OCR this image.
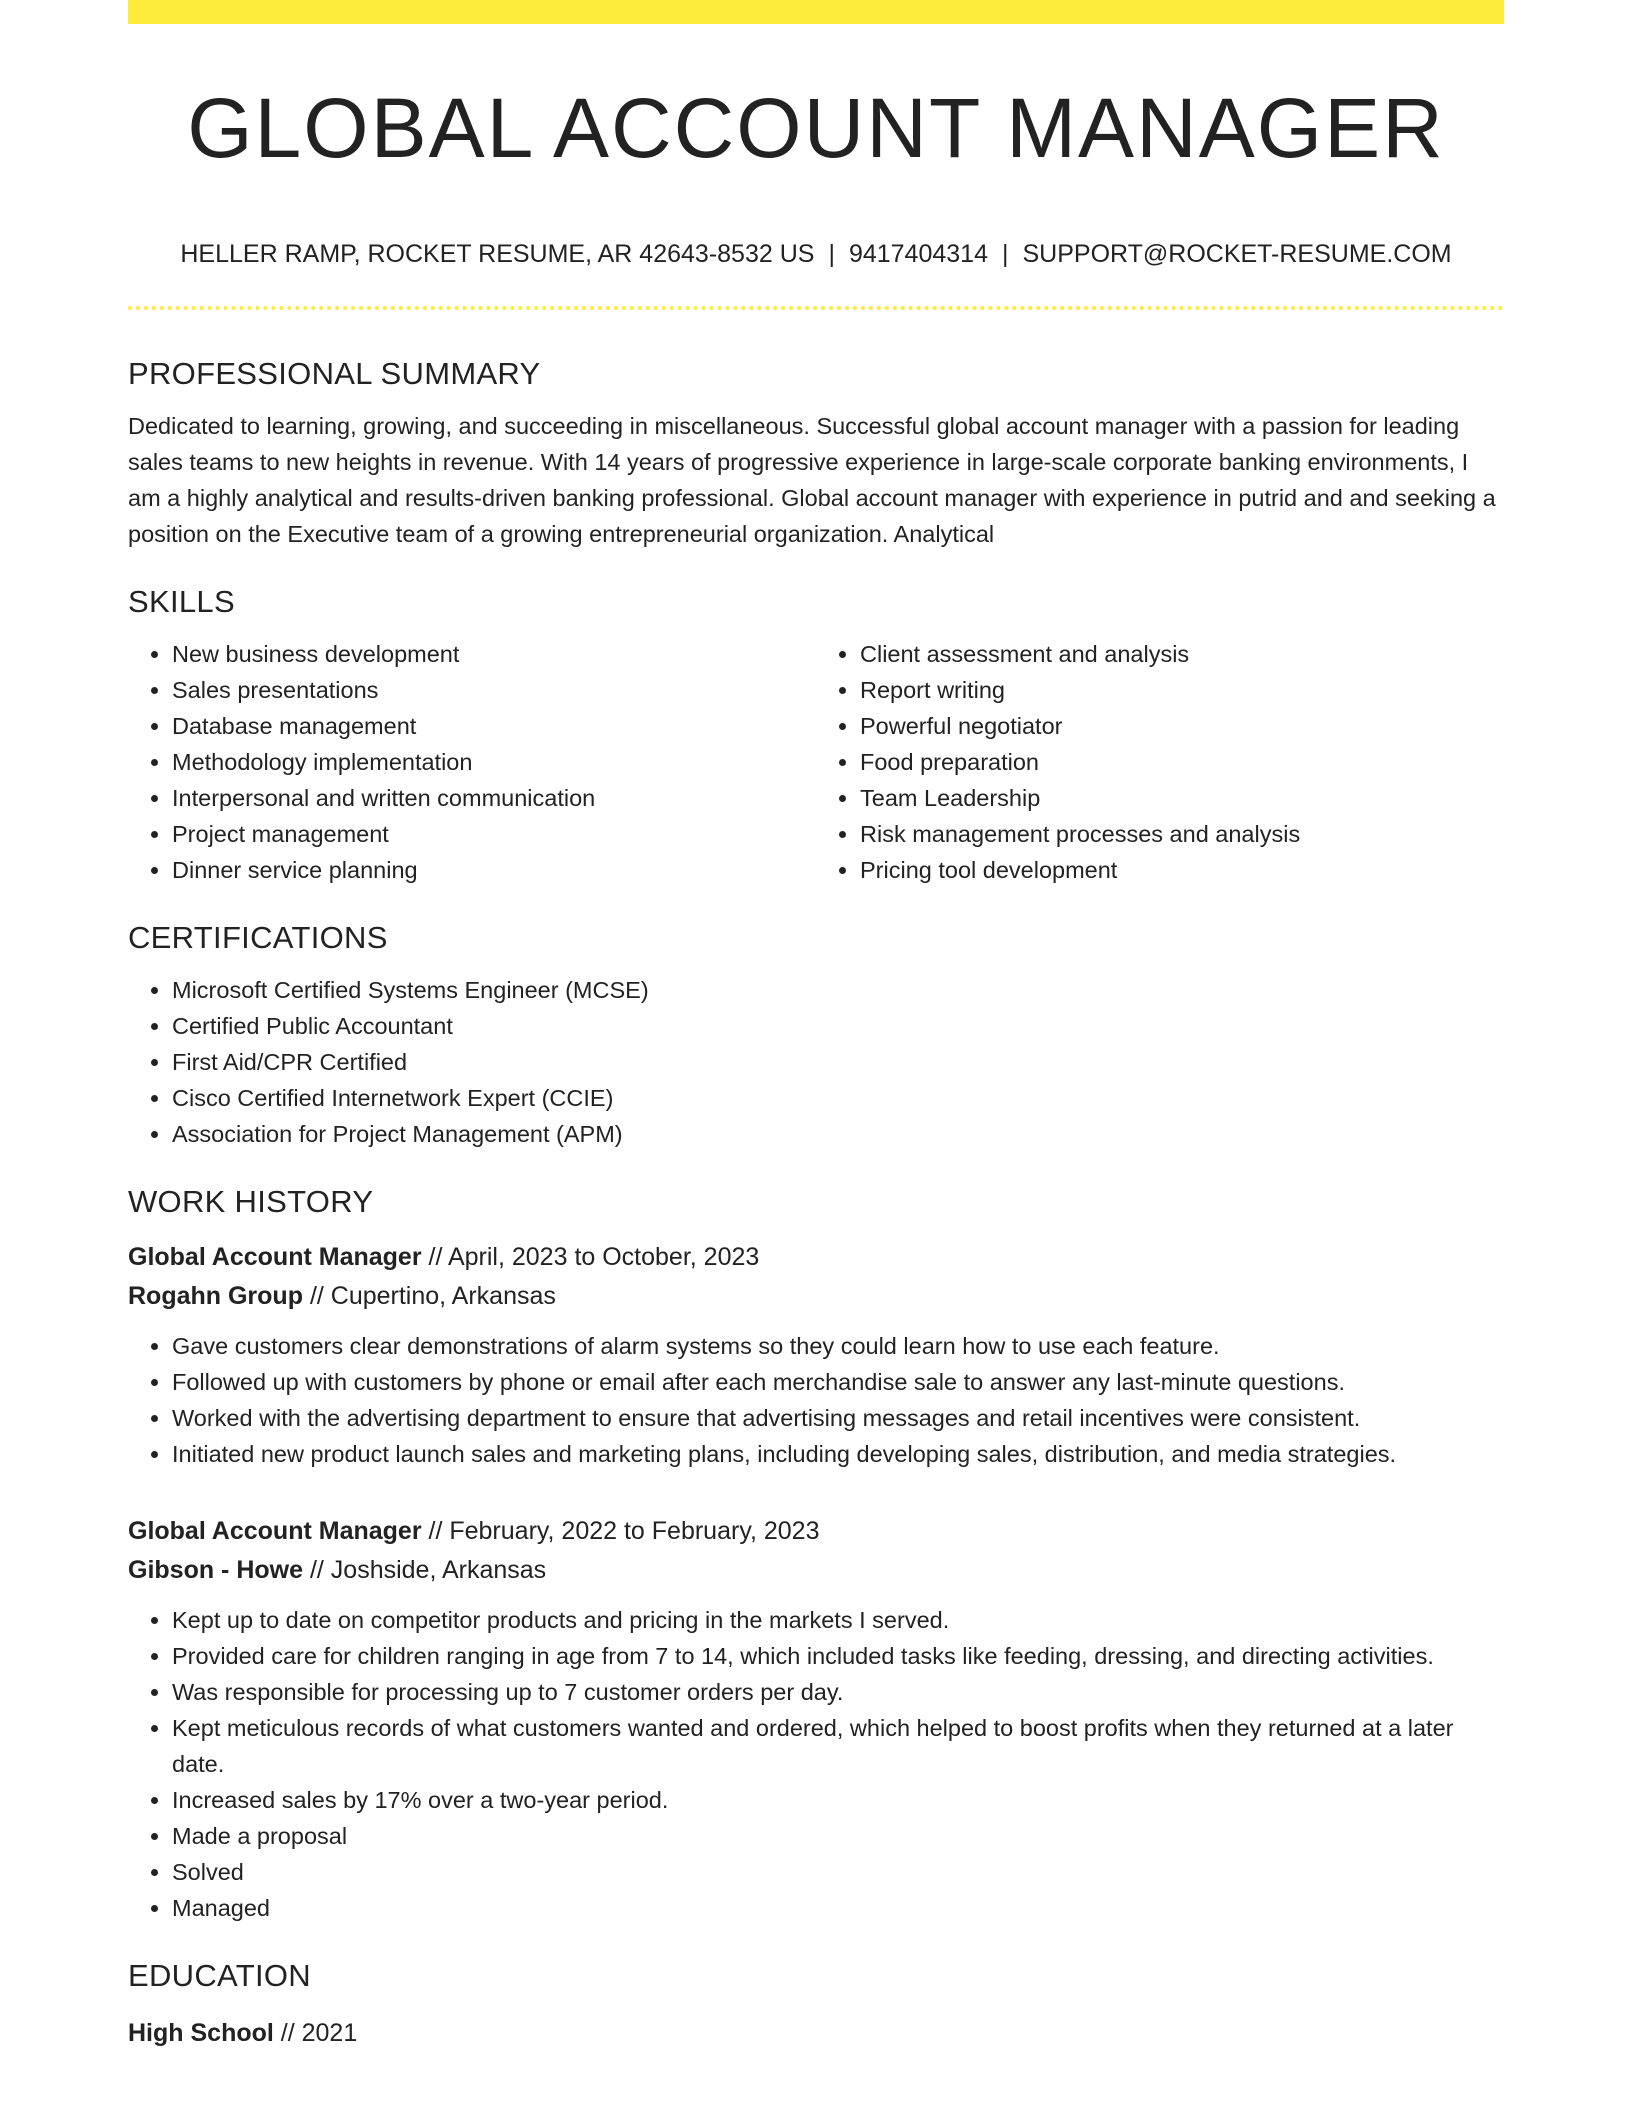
GLOBAL ACCOUNT MANAGER
HELLER RAMP, ROCKET RESUME, AR 42643-8532 US | 9417404314 | SUPPORT@ROCKET-RESUME.COM
PROFESSIONAL SUMMARY

Dedicated to learning, growing, and succeeding in miscellaneous. Successful global account manager with a passion for leading sales teams to new heights in revenue. With 14 years of progressive experience in large-scale corporate banking environments, I am a highly analytical and results-driven banking professional. Global account manager with experience in putrid and and seeking a position on the Executive team of a growing entrepreneurial organization. Analytical

SKILLS
• New business development
• Sales presentations
• Database management
• Methodology implementation
• Interpersonal and written communication
• Project management
• Dinner service planning
• Client assessment and analysis
• Report writing
• Powerful negotiator
• Food preparation
• Team Leadership
• Risk management processes and analysis
• Pricing tool development
CERTIFICATIONS
• Microsoft Certified Systems Engineer (MCSE)
• Certified Public Accountant
• First Aid/CPR Certified
• Cisco Certified Internetwork Expert (CCIE)
• Association for Project Management (APM)
WORK HISTORY
Global Account Manager // April, 2023 to October, 2023
Rogahn Group // Cupertino, Arkansas
• Gave customers clear demonstrations of alarm systems so they could learn how to use each feature.
• Followed up with customers by phone or email after each merchandise sale to answer any last-minute questions.
• Worked with the advertising department to ensure that advertising messages and retail incentives were consistent.
• Initiated new product launch sales and marketing plans, including developing sales, distribution, and media strategies.
Global Account Manager // February, 2022 to February, 2023
Gibson - Howe // Joshside, Arkansas
• Kept up to date on competitor products and pricing in the markets I served.
• Provided care for children ranging in age from 7 to 14, which included tasks like feeding, dressing, and directing activities.
• Was responsible for processing up to 7 customer orders per day.
• Kept meticulous records of what customers wanted and ordered, which helped to boost profits when they returned at a later date.
• Increased sales by 17% over a two-year period.
• Made a proposal
• Solved
• Managed
EDUCATION
High School // 2021
